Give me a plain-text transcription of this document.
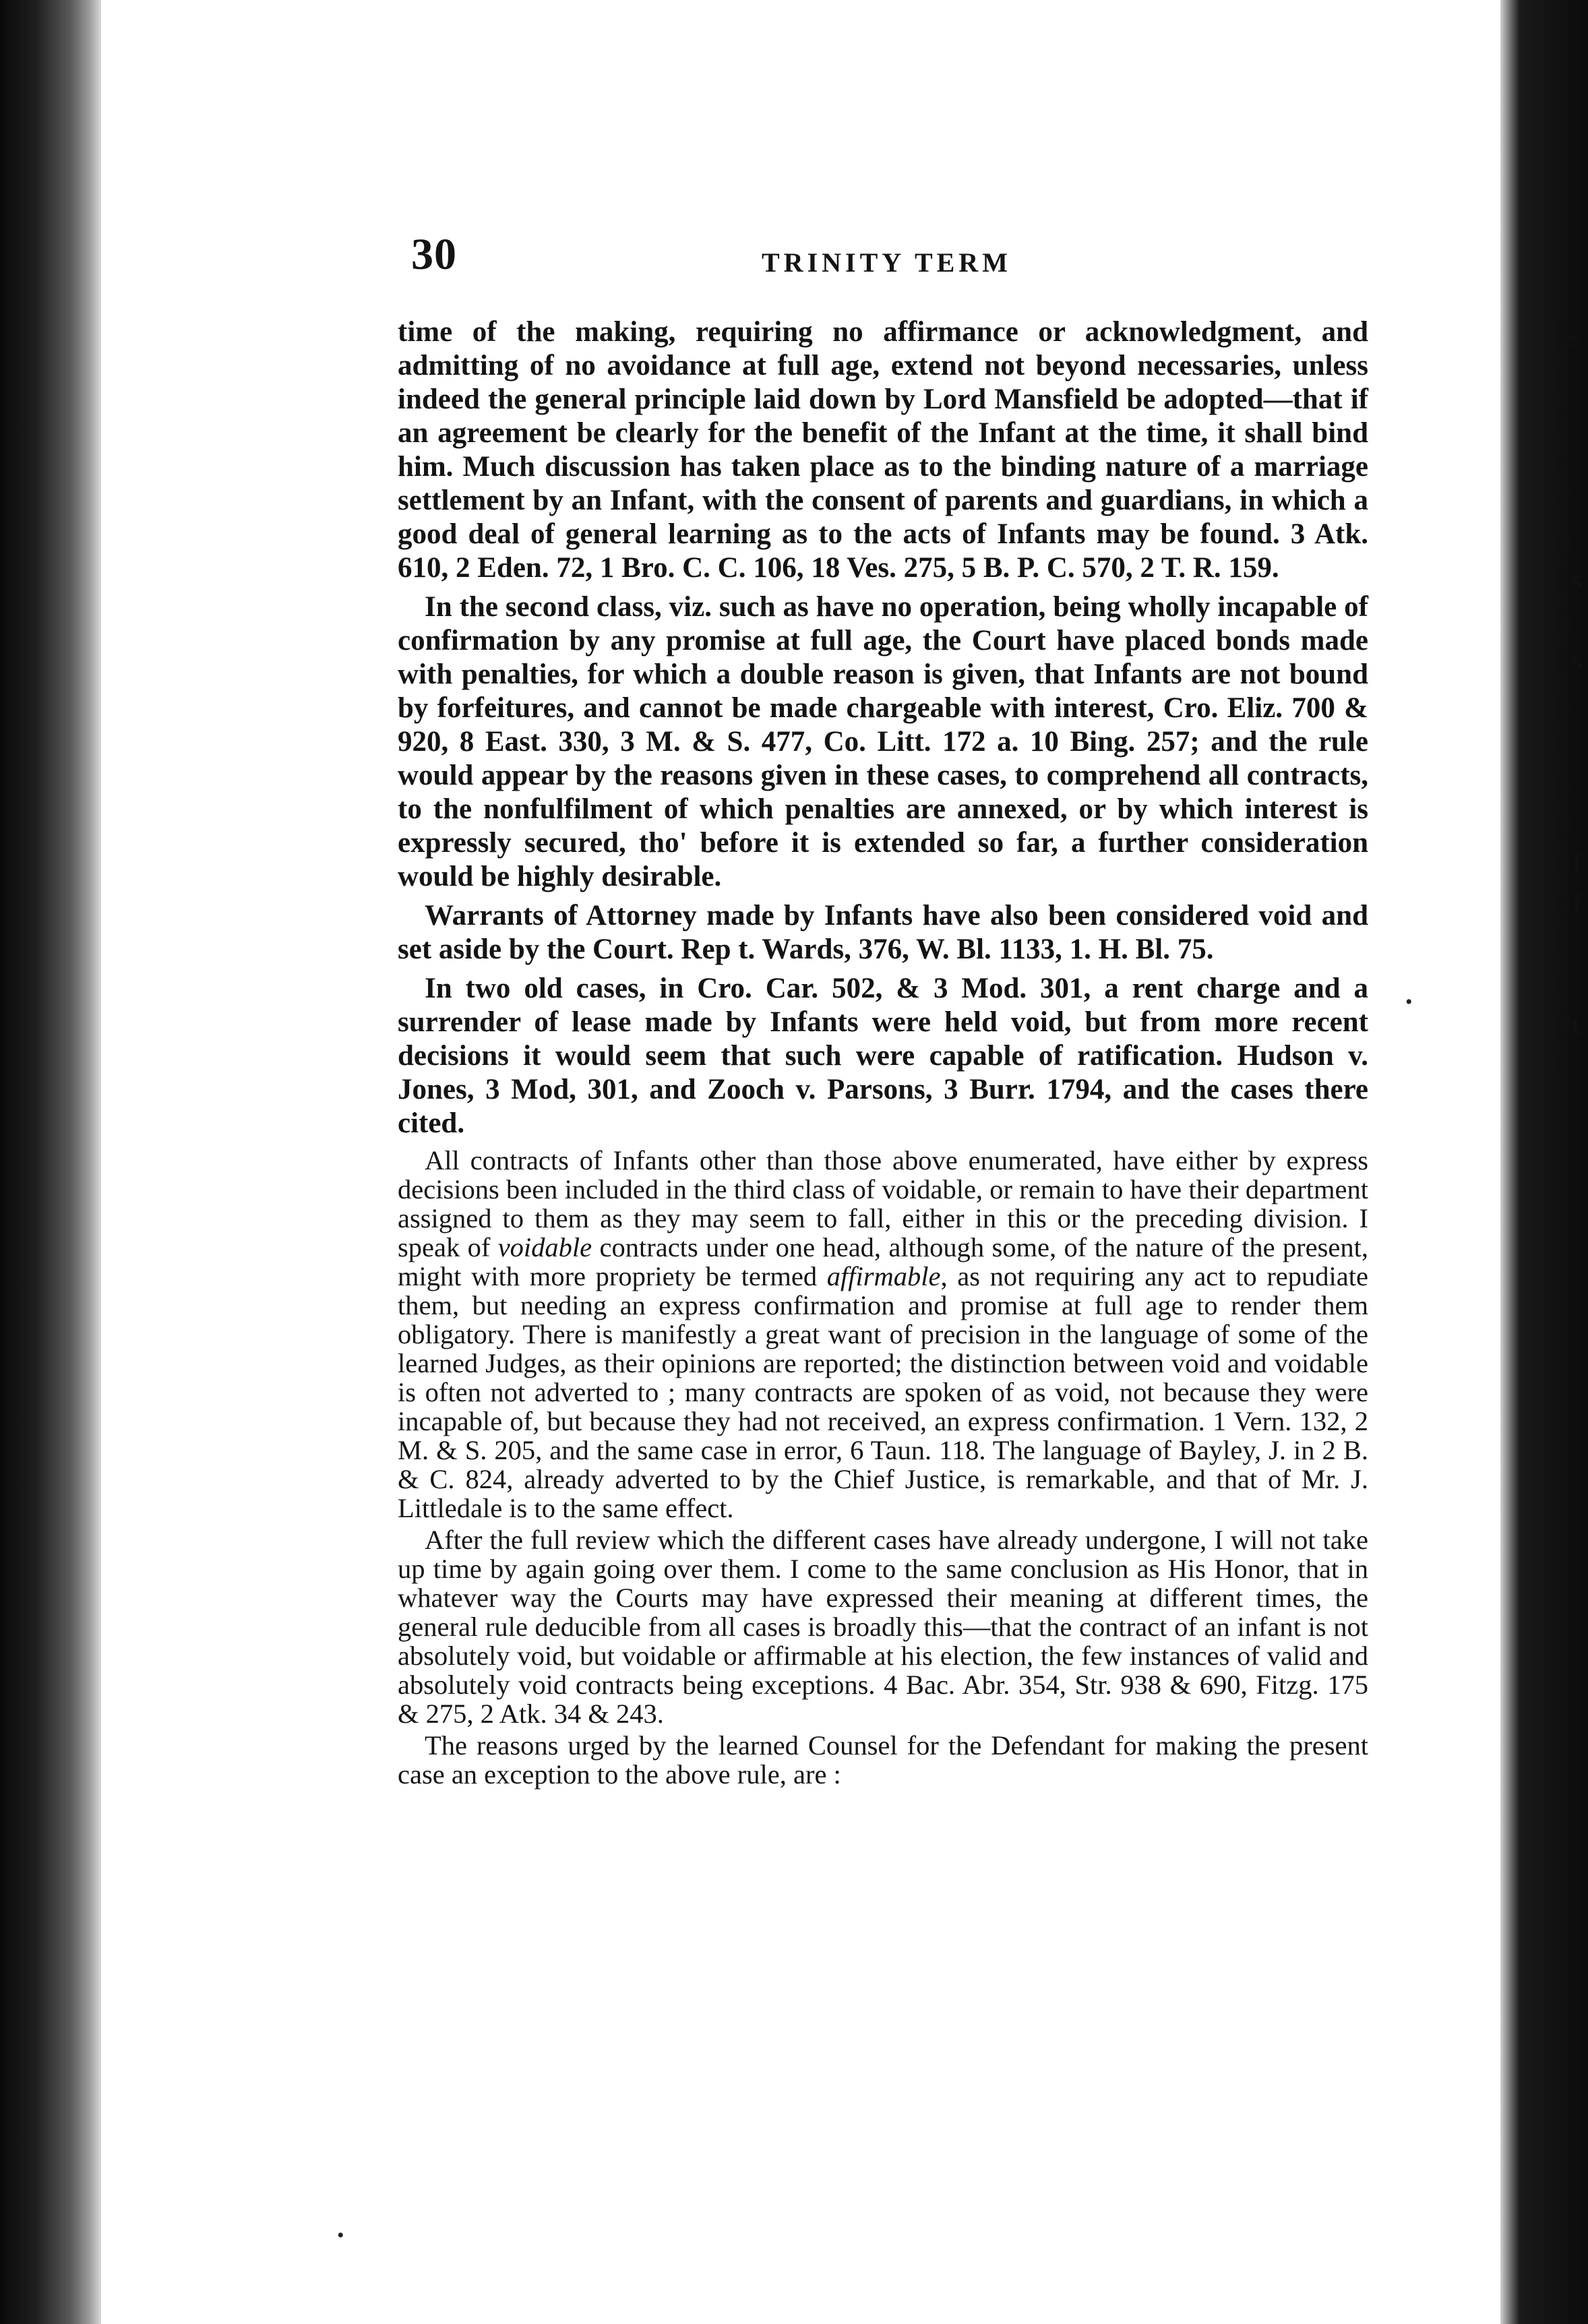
i s a j c v p f s k t s g a g p s f s f I e j t e
30	TRINITY TERM

time of the making, requiring no affirmance or acknowledgment, and admitting of no avoidance at full age, extend not beyond necessaries, unless indeed the general principle laid down by Lord Mansfield be adopted—that if an agreement be clearly for the benefit of the Infant at the time, it shall bind him. Much discussion has taken place as to the binding nature of a marriage settlement by an Infant, with the consent of parents and guardians, in which a good deal of general learning as to the acts of Infants may be found. 3 Atk. 610, 2 Eden. 72, 1 Bro. C. C. 106, 18 Ves. 275, 5 B. P. C. 570, 2 T. R. 159.

In the second class, viz. such as have no operation, being wholly incapable of confirmation by any promise at full age, the Court have placed bonds made with penalties, for which a double reason is given, that Infants are not bound by forfeitures, and cannot be made chargeable with interest, Cro. Eliz. 700 & 920, 8 East. 330, 3 M. & S. 477, Co. Litt. 172 a. 10 Bing. 257; and the rule would appear by the reasons given in these cases, to comprehend all contracts, to the nonfulfilment of which penalties are annexed, or by which interest is expressly secured, tho' before it is extended so far, a further consideration would be highly desirable.

Warrants of Attorney made by Infants have also been considered void and set aside by the Court. Rep t. Wards, 376, W. Bl. 1133, 1. H. Bl. 75.

In two old cases, in Cro. Car. 502, & 3 Mod. 301, a rent charge and a surrender of lease made by Infants were held void, but from more recent decisions it would seem that such were capable of ratification. Hudson v. Jones, 3 Mod, 301, and Zooch v. Parsons, 3 Burr. 1794, and the cases there cited.

All contracts of Infants other than those above enumerated, have either by express decisions been included in the third class of voidable, or remain to have their department assigned to them as they may seem to fall, either in this or the preceding division. I speak of voidable contracts under one head, although some, of the nature of the present, might with more propriety be termed affirmable, as not requiring any act to repudiate them, but needing an express confirmation and promise at full age to render them obligatory. There is manifestly a great want of precision in the language of some of the learned Judges, as their opinions are reported; the distinction between void and voidable is often not adverted to ; many contracts are spoken of as void, not because they were incapable of, but because they had not received, an express confirmation. 1 Vern. 132, 2 M. & S. 205, and the same case in error, 6 Taun. 118. The language of Bayley, J. in 2 B. & C. 824, already adverted to by the Chief Justice, is remarkable, and that of Mr. J. Littledale is to the same effect.

After the full review which the different cases have already undergone, I will not take up time by again going over them. I come to the same conclusion as His Honor, that in whatever way the Courts may have expressed their meaning at different times, the general rule deducible from all cases is broadly this—that the contract of an infant is not absolutely void, but voidable or affirmable at his election, the few instances of valid and absolutely void contracts being exceptions. 4 Bac. Abr. 354, Str. 938 & 690, Fitzg. 175 & 275, 2 Atk. 34 & 243.

The reasons urged by the learned Counsel for the Defendant for making the present case an exception to the above rule, are :

•
•
